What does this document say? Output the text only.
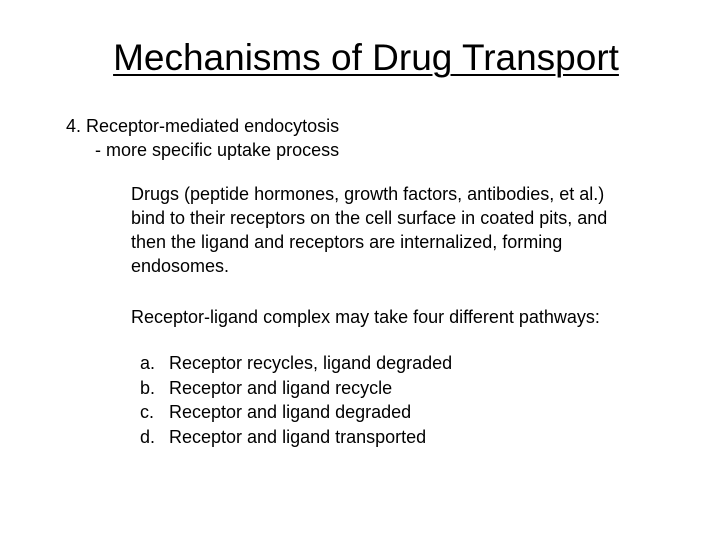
Mechanisms of Drug Transport
4. Receptor-mediated endocytosis
- more specific uptake process
Drugs (peptide hormones, growth factors, antibodies, et al.)
bind to their receptors on the cell surface in coated pits, and
then the ligand and receptors are internalized, forming
endosomes.
Receptor-ligand complex may take four different pathways:
a. Receptor recycles, ligand degraded
b. Receptor and ligand recycle
c. Receptor and ligand degraded
d. Receptor and ligand transported
